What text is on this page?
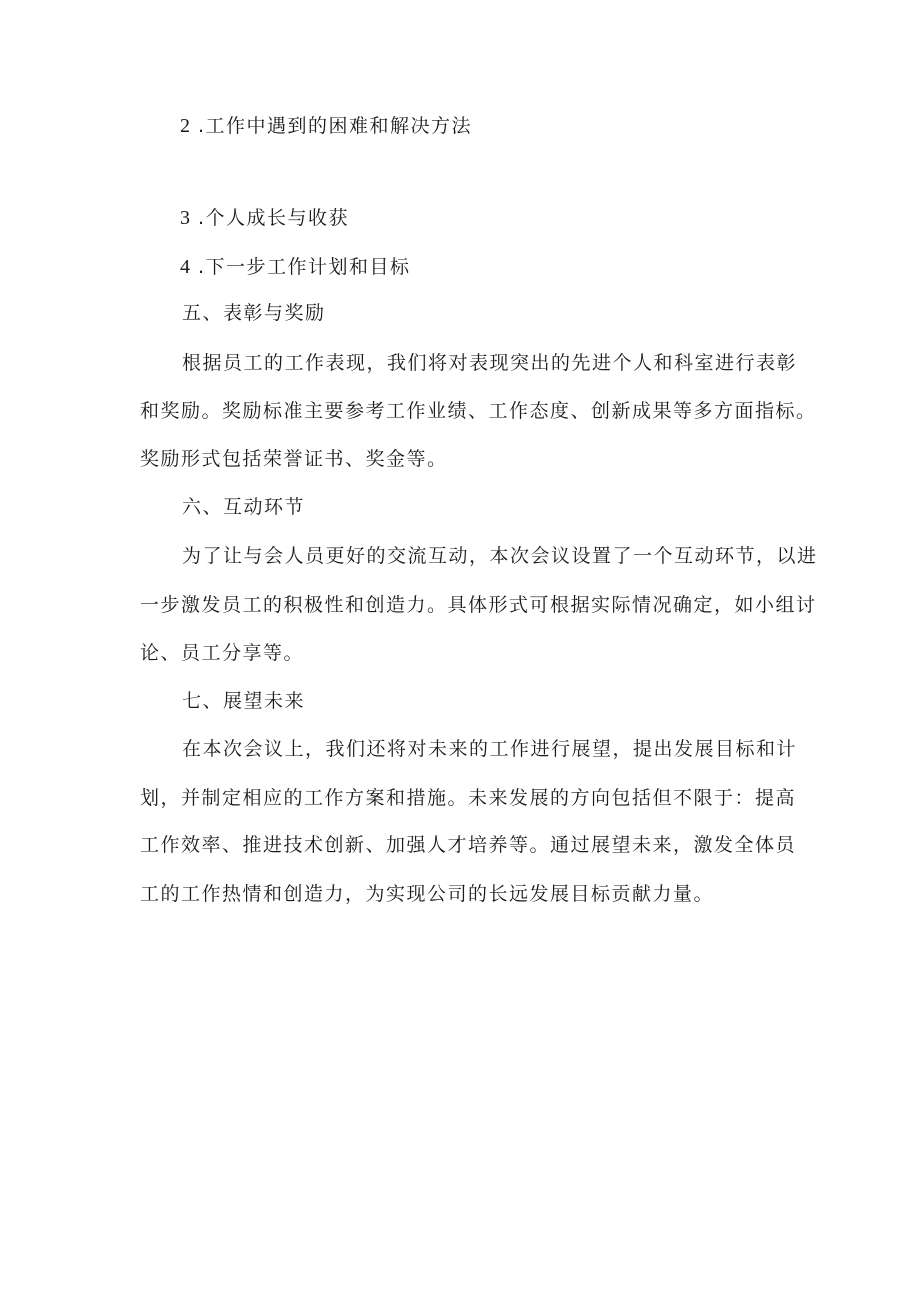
2 .工作中遇到的困难和解决方法

3 .个人成长与收获

4 .下一步工作计划和目标

五、表彰与奖励

根据员工的工作表现，我们将对表现突出的先进个人和科室进行表彰

和奖励。奖励标准主要参考工作业绩、工作态度、创新成果等多方面指标。

奖励形式包括荣誉证书、奖金等。

六、互动环节

为了让与会人员更好的交流互动，本次会议设置了一个互动环节，以进

一步激发员工的积极性和创造力。具体形式可根据实际情况确定，如小组讨

论、员工分享等。

七、展望未来

在本次会议上，我们还将对未来的工作进行展望，提出发展目标和计

划，并制定相应的工作方案和措施。未来发展的方向包括但不限于：提高

工作效率、推进技术创新、加强人才培养等。通过展望未来，激发全体员

工的工作热情和创造力，为实现公司的长远发展目标贡献力量。
